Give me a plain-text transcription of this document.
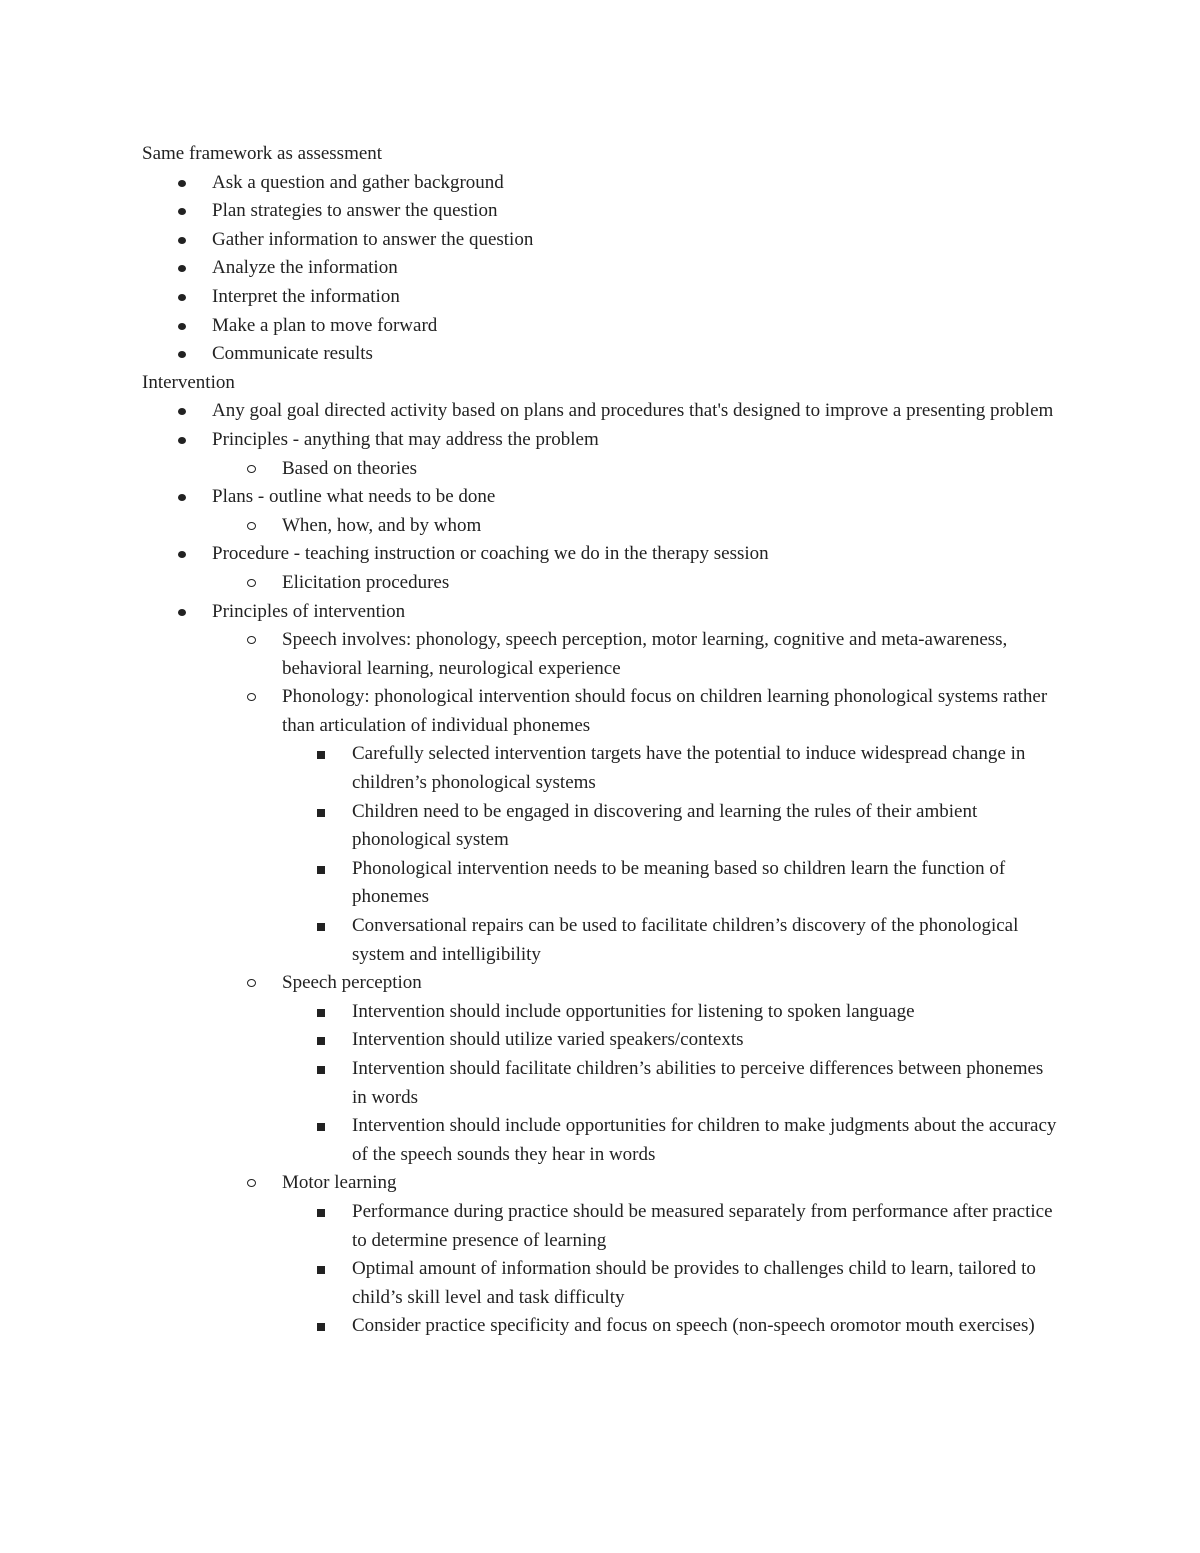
Same framework as assessment

Ask a question and gather background
Plan strategies to answer the question
Gather information to answer the question
Analyze the information
Interpret the information
Make a plan to move forward
Communicate results

Intervention

Any goal goal directed activity based on plans and procedures that's designed to improve a presenting problem
Principles - anything that may address the problem
Based on theories
Plans - outline what needs to be done
When, how, and by whom
Procedure - teaching instruction or coaching we do in the therapy session
Elicitation procedures
Principles of intervention
Speech involves: phonology, speech perception, motor learning, cognitive and meta-awareness, behavioral learning, neurological experience
Phonology: phonological intervention should focus on children learning phonological systems rather than articulation of individual phonemes
Carefully selected intervention targets have the potential to induce widespread change in children’s phonological systems
Children need to be engaged in discovering and learning the rules of their ambient phonological system
Phonological intervention needs to be meaning based so children learn the function of phonemes
Conversational repairs can be used to facilitate children’s discovery of the phonological system and intelligibility
Speech perception
Intervention should include opportunities for listening to spoken language
Intervention should utilize varied speakers/contexts
Intervention should facilitate children’s abilities to perceive differences between phonemes in words
Intervention should include opportunities for children to make judgments about the accuracy of the speech sounds they hear in words
Motor learning
Performance during practice should be measured separately from performance after practice to determine presence of learning
Optimal amount of information should be provides to challenges child to learn, tailored to child’s skill level and task difficulty
Consider practice specificity and focus on speech (non-speech oromotor mouth exercises)
